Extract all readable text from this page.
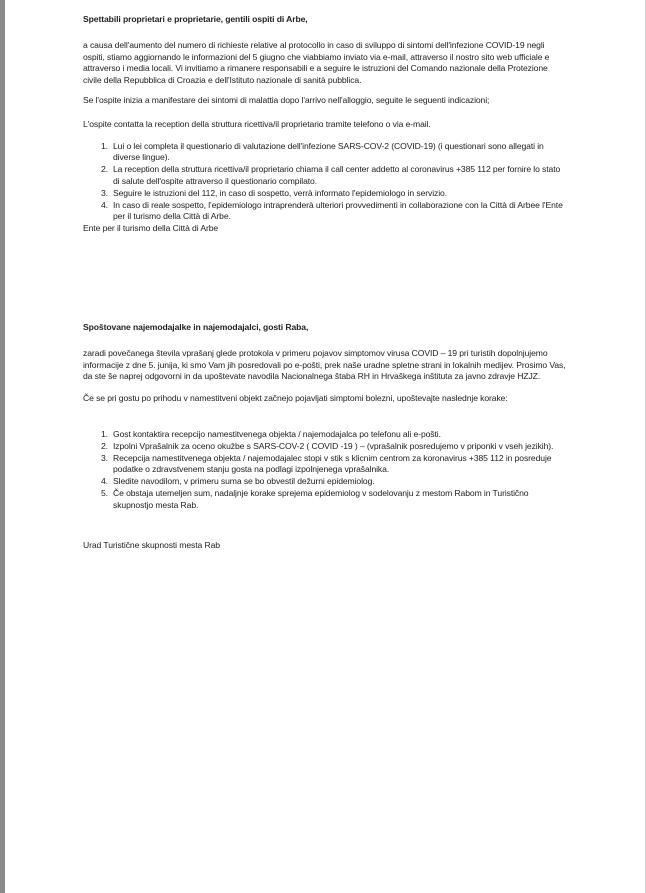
Spettabili proprietari e proprietarie, gentili ospiti di Arbe,

a causa dell'aumento del numero di richieste relative al protocollo in caso di sviluppo di sintomi dell'infezione COVID-19 negli ospiti, stiamo aggiornando le informazioni del 5 giugno che viabbiamo inviato via e-mail, attraverso il nostro sito web ufficiale e attraverso i media locali. Vi invitiamo a rimanere responsabili e a seguire le istruzioni del Comando nazionale della Protezione civile della Repubblica di Croazia e dell'Istituto nazionale di sanità pubblica.

Se l'ospite inizia a manifestare dei sintomi di malattia dopo l'arrivo nell'alloggio, seguite le seguenti indicazioni;

L'ospite contatta la reception della struttura ricettiva/il proprietario tramite telefono o via e-mail.

1. Lui o lei completa il questionario di valutazione dell'infezione SARS-COV-2 (COVID-19) (i questionari sono allegati in diverse lingue).
2. La reception della struttura ricettiva/il proprietario chiama il call center addetto al coronavirus +385 112 per fornire lo stato di salute dell'ospite attraverso il questionario compilato.
3. Seguire le istruzioni del 112, in caso di sospetto, verrà informato l'epidemiologo in servizio.
4. In caso di reale sospetto, l'epidemiologo intraprenderà ulteriori provvedimenti in collaborazione con la Città di Arbee l'Ente per il turismo della Città di Arbe.

Ente per il turismo della Città di Arbe

Spoštovane najemodajalke in najemodajalci, gosti Raba,

zaradi povečanega števila vprašanj glede protokola v primeru pojavov simptomov virusa COVID – 19 pri turistih dopolnjujemo informacije z dne 5. junija, ki smo Vam jih posredovali po e-pošti, prek naše uradne spletne strani in lokalnih medijev. Prosimo Vas, da ste še naprej odgovorni in da upoštevate navodila Nacionalnega štaba RH in Hrvaškega inštituta za javno zdravje HZJZ.

Če se pri gostu po prihodu v namestitveni objekt začnejo pojavljati simptomi bolezni, upoštevajte naslednje korake:

1. Gost kontaktira recepcijo namestitvenega objekta / najemodajalca po telefonu ali e-pošti.
2. Izpolni Vprašalnik za oceno okužbe s SARS-COV-2 ( COVID -19 ) – (vprašalnik posredujemo v priponki v vseh jezikih).
3. Recepcija namestitvenega objekta / najemodajalec stopi v stik s klicnim centrom za koronavirus +385 112 in posreduje podatke o zdravstvenem stanju gosta na podlagi izpolnjenega vprašalnika.
4. Sledite navodilom, v primeru suma se bo obvestil dežurni epidemiolog.
5. Če obstaja utemeljen sum, nadaljnje korake sprejema epidemiolog v sodelovanju z mestom Rabom in Turistično skupnostjo mesta Rab.

Urad Turistične skupnosti mesta Rab
